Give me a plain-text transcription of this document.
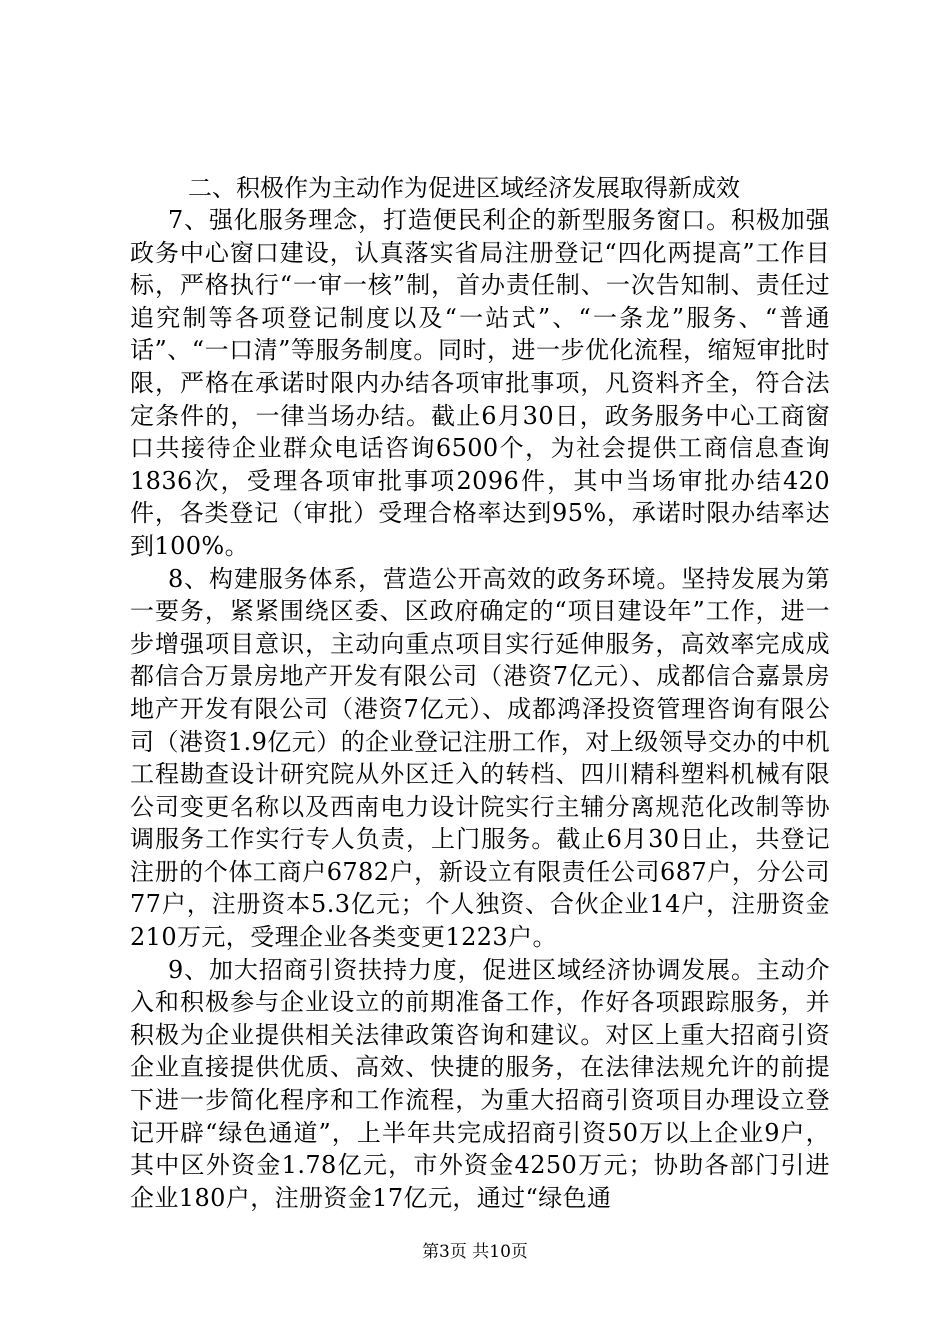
二、积极作为主动作为促进区域经济发展取得新成效

7、强化服务理念，打造便民利企的新型服务窗口。积极加强政务中心窗口建设，认真落实省局注册登记“四化两提高”工作目标，严格执行“一审一核”制，首办责任制、一次告知制、责任过追究制等各项登记制度以及“一站式”、“一条龙”服务、“普通话”、“一口清”等服务制度。同时，进一步优化流程，缩短审批时限，严格在承诺时限内办结各项审批事项，凡资料齐全，符合法定条件的，一律当场办结。截止6月30日，政务服务中心工商窗口共接待企业群众电话咨询6500个，为社会提供工商信息查询1836次，受理各项审批事项2096件，其中当场审批办结420件，各类登记（审批）受理合格率达到95%，承诺时限办结率达到100%。

8、构建服务体系，营造公开高效的政务环境。坚持发展为第一要务，紧紧围绕区委、区政府确定的“项目建设年”工作，进一步增强项目意识，主动向重点项目实行延伸服务，高效率完成成都信合万景房地产开发有限公司（港资7亿元）、成都信合嘉景房地产开发有限公司（港资7亿元）、成都鸿泽投资管理咨询有限公司（港资1.9亿元）的企业登记注册工作，对上级领导交办的中机工程勘查设计研究院从外区迁入的转档、四川精科塑料机械有限公司变更名称以及西南电力设计院实行主辅分离规范化改制等协调服务工作实行专人负责，上门服务。截止6月30日止，共登记注册的个体工商户6782户，新设立有限责任公司687户，分公司77户，注册资本5.3亿元；个人独资、合伙企业14户，注册资金210万元，受理企业各类变更1223户。

9、加大招商引资扶持力度，促进区域经济协调发展。主动介入和积极参与企业设立的前期准备工作，作好各项跟踪服务，并积极为企业提供相关法律政策咨询和建议。对区上重大招商引资企业直接提供优质、高效、快捷的服务，在法律法规允许的前提下进一步简化程序和工作流程，为重大招商引资项目办理设立登记开辟“绿色通道”，上半年共完成招商引资50万以上企业9户，其中区外资金1.78亿元，市外资金4250万元；协助各部门引进企业180户，注册资金17亿元，通过“绿色通

第3页 共10页
